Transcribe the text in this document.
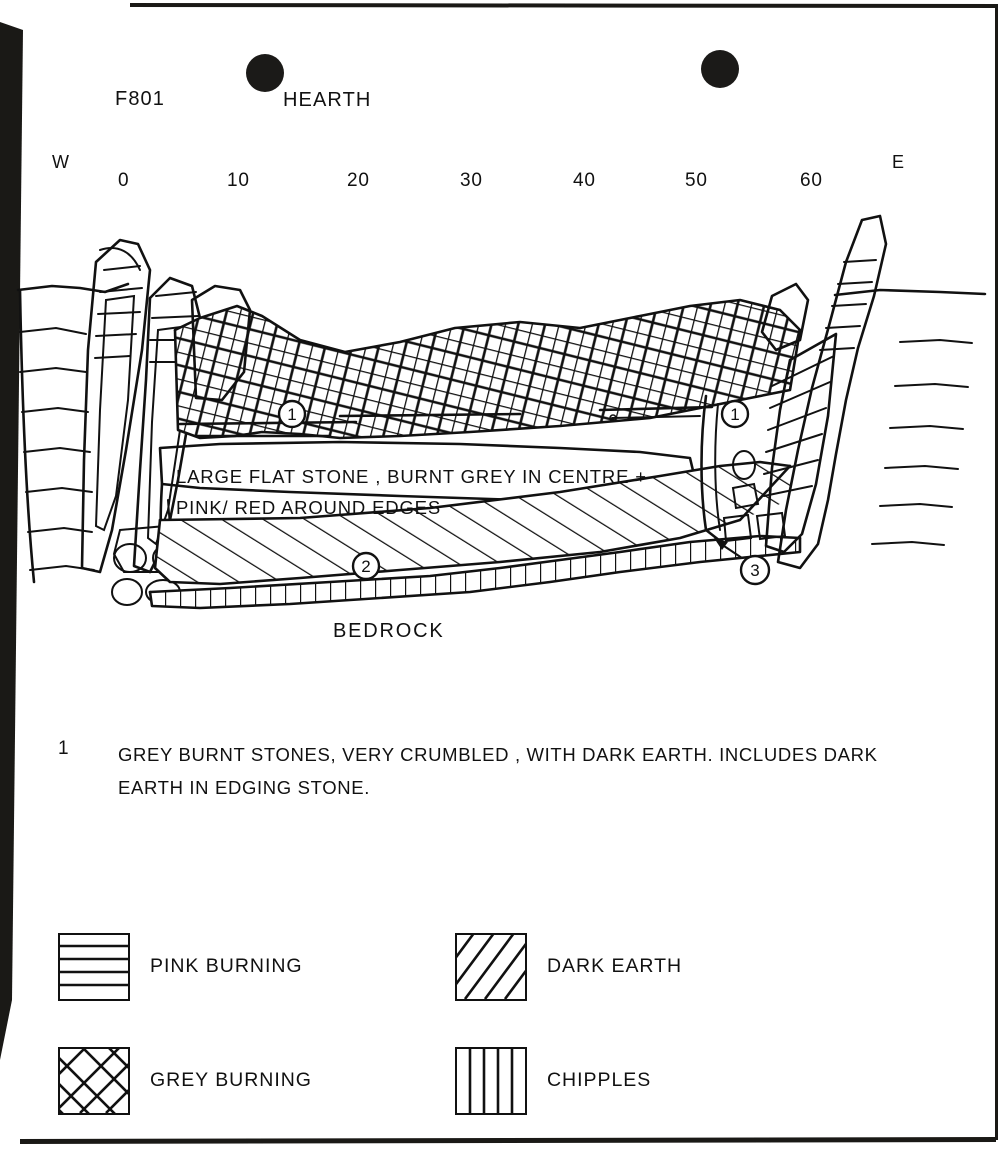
F801	HEARTH
W	E
0	10	20	30	40	50	60
1	1
2	3
LARGE FLAT STONE , BURNT GREY IN CENTRE +
PINK/ RED AROUND EDGES
BEDROCK
1	GREY BURNT STONES, VERY CRUMBLED , WITH DARK EARTH. INCLUDES DARK
EARTH IN EDGING STONE.
PINK BURNING
GREY BURNING
DARK EARTH
CHIPPLES
